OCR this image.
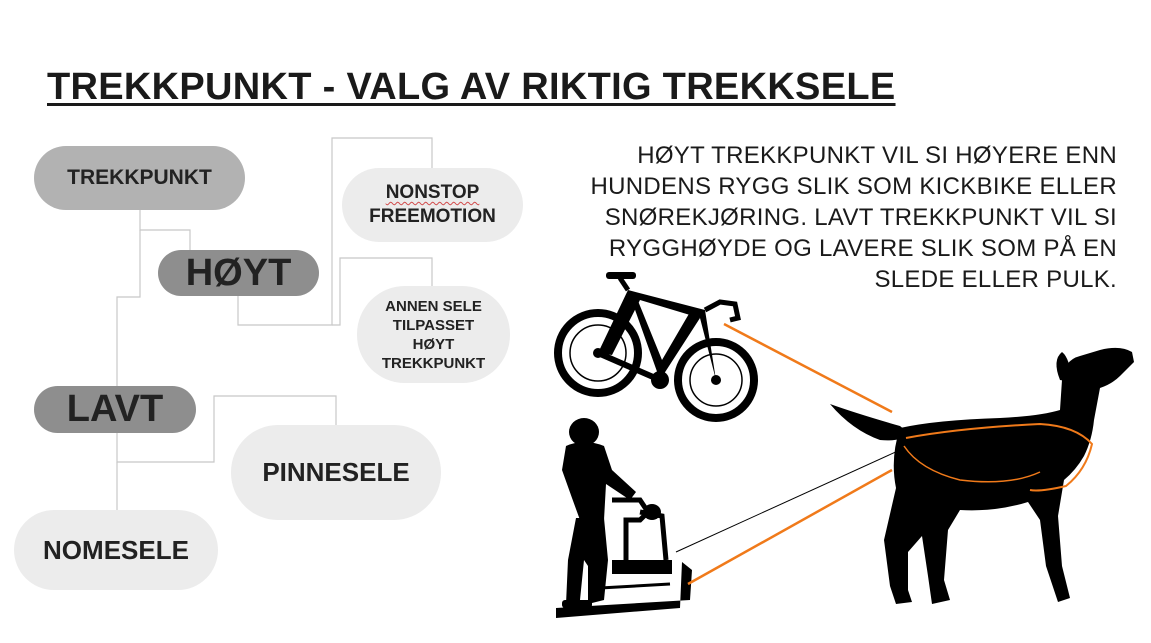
TREKKPUNKT - VALG AV RIKTIG TREKKSELE
TREKKPUNKT
HØYT
LAVT
NONSTOP
FREEMOTION
ANNEN SELE
TILPASSET
HØYT
TREKKPUNKT
PINNESELE
NOMESELE

HØYT TREKKPUNKT VIL SI HØYERE ENN
HUNDENS RYGG SLIK SOM KICKBIKE ELLER
SNØREKJØRING. LAVT TREKKPUNKT VIL SI
RYGGHØYDE OG LAVERE SLIK SOM PÅ EN
SLEDE ELLER PULK.
